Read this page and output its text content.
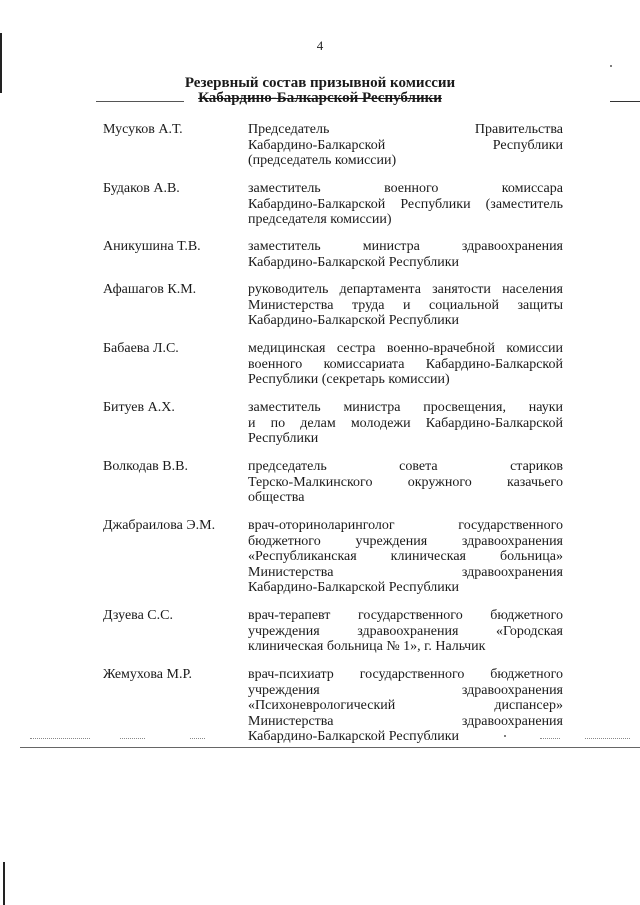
4
Резервный состав призывной комиссии
Кабардино-Балкарской Республики
Мусуков А.Т.	Председатель Правительства
Кабардино-Балкарской Республики
(председатель комиссии)
Будаков А.В.	заместитель военного комиссара
Кабардино-Балкарской Республики (заместитель
председателя комиссии)
Аникушина Т.В.	заместитель министра здравоохранения
Кабардино-Балкарской Республики
Афашагов К.М.	руководитель департамента занятости населения
Министерства труда и социальной защиты
Кабардино-Балкарской Республики
Бабаева Л.С.	медицинская сестра военно-врачебной комиссии
военного комиссариата Кабардино-Балкарской
Республики (секретарь комиссии)
Битуев А.Х.	заместитель министра просвещения, науки
и по делам молодежи Кабардино-Балкарской
Республики
Волкодав В.В.	председатель совета стариков
Терско-Малкинского окружного казачьего
общества
Джабраилова Э.М. врач-оториноларинголог государственного
бюджетного учреждения здравоохранения
«Республиканская клиническая больница»
Министерства здравоохранения
Кабардино-Балкарской Республики
Дзуева С.С.	врач-терапевт государственного бюджетного
учреждения здравоохранения «Городская
клиническая больница № 1», г. Нальчик
Жемухова М.Р.	врач-психиатр государственного бюджетного
учреждения здравоохранения
«Психоневрологический диспансер»
Министерства здравоохранения
Кабардино-Балкарской Республики
